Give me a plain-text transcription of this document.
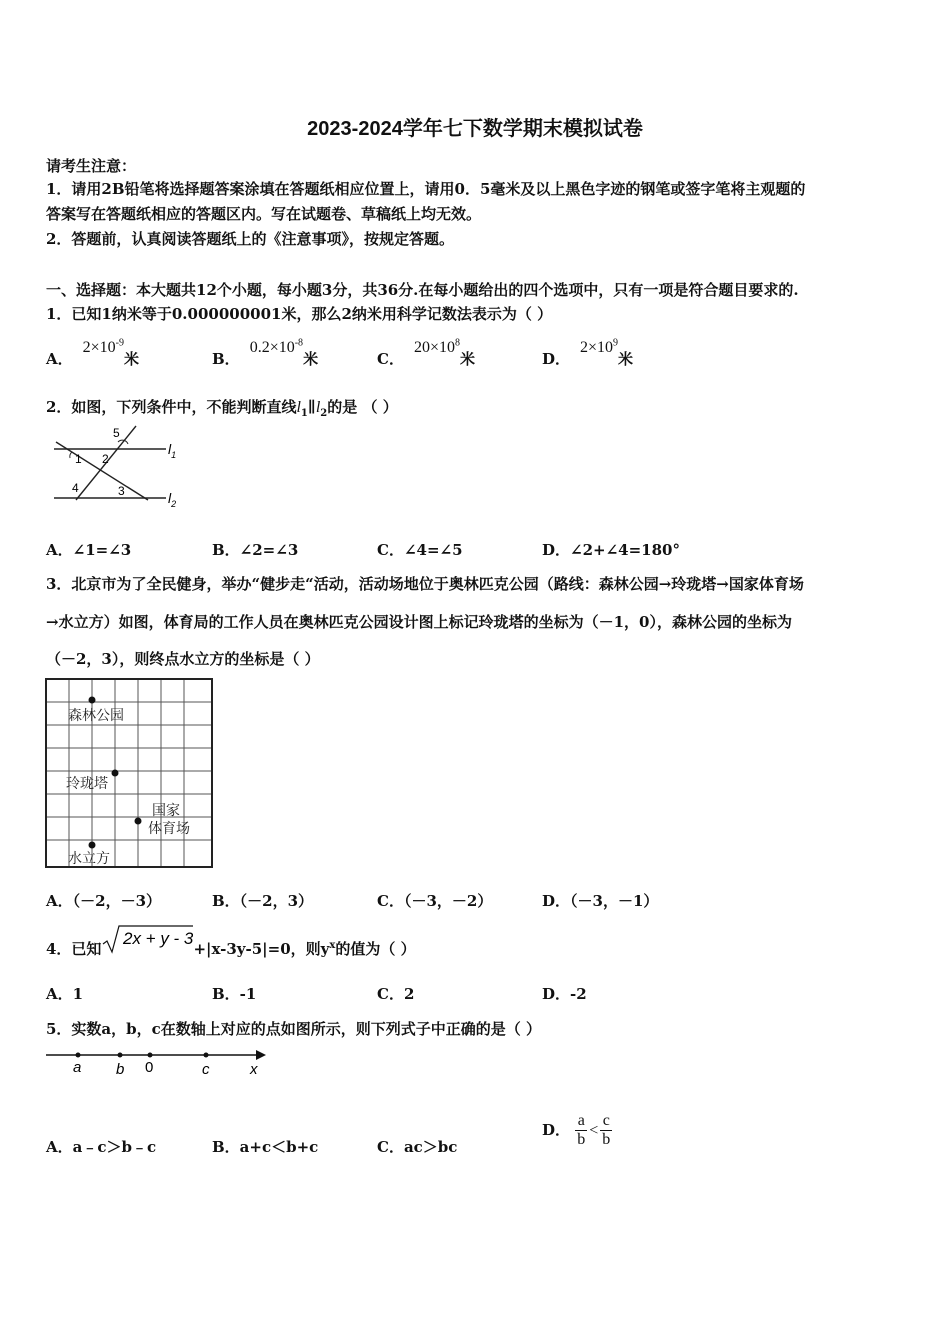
2023-2024学年七下数学期末模拟试卷
请考生注意：
1．请用2B铅笔将选择题答案涂填在答题纸相应位置上，请用0．5毫米及以上黑色字迹的钢笔或签字笔将主观题的
答案写在答题纸相应的答题区内。写在试题卷、草稿纸上均无效。
2．答题前，认真阅读答题纸上的《注意事项》，按规定答题。
一、选择题：本大题共12个小题，每小题3分，共36分.在每小题给出的四个选项中，只有一项是符合题目要求的.
1．已知1纳米等于0.000000001米，那么2纳米用科学记数法表示为（ ）
A．$2\times 10^{-9}$米	B．$0.2\times 10^{-8}$米	C．$20\times 10^8$米	D．$2\times 10^9$米
2．如图，下列条件中，不能判断直线$l_1\parallel l_2$的是 （ ）
5
1 2
4	3
$l_1$
$l_2$
A．∠1=∠3	B．∠2=∠3	C．∠4=∠5	D．∠2+∠4=180°
3．北京市为了全民健身，举办“健步走“活动，活动场地位于奥林匹克公园（路线：森林公园→玲珑塔→国家体育场
→水立方）如图，体育局的工作人员在奥林匹克公园设计图上标记玲珑塔的坐标为（－1，0），森林公园的坐标为
（－2，3），则终点水立方的坐标是（ ）
森林公园
玲珑塔
国家
体育场
水立方
A．（－2，－3）	B．（－2，3）	C．（－3，－2）	D．（－3，－1）
4．已知
2x + y - 3
+|x-3y-5|=0，则$y^x$的值为（ ）
A．1	B．-1	C．2	D．-2
5．实数a，b，c在数轴上对应的点如图所示，则下列式子中正确的是（ ）
a b 0	c	x
A．a﹣c＞b﹣c	B．a+c＜b+c	C．ac＞bc
D． $\frac{a}{b} < \frac{c}{b}$
